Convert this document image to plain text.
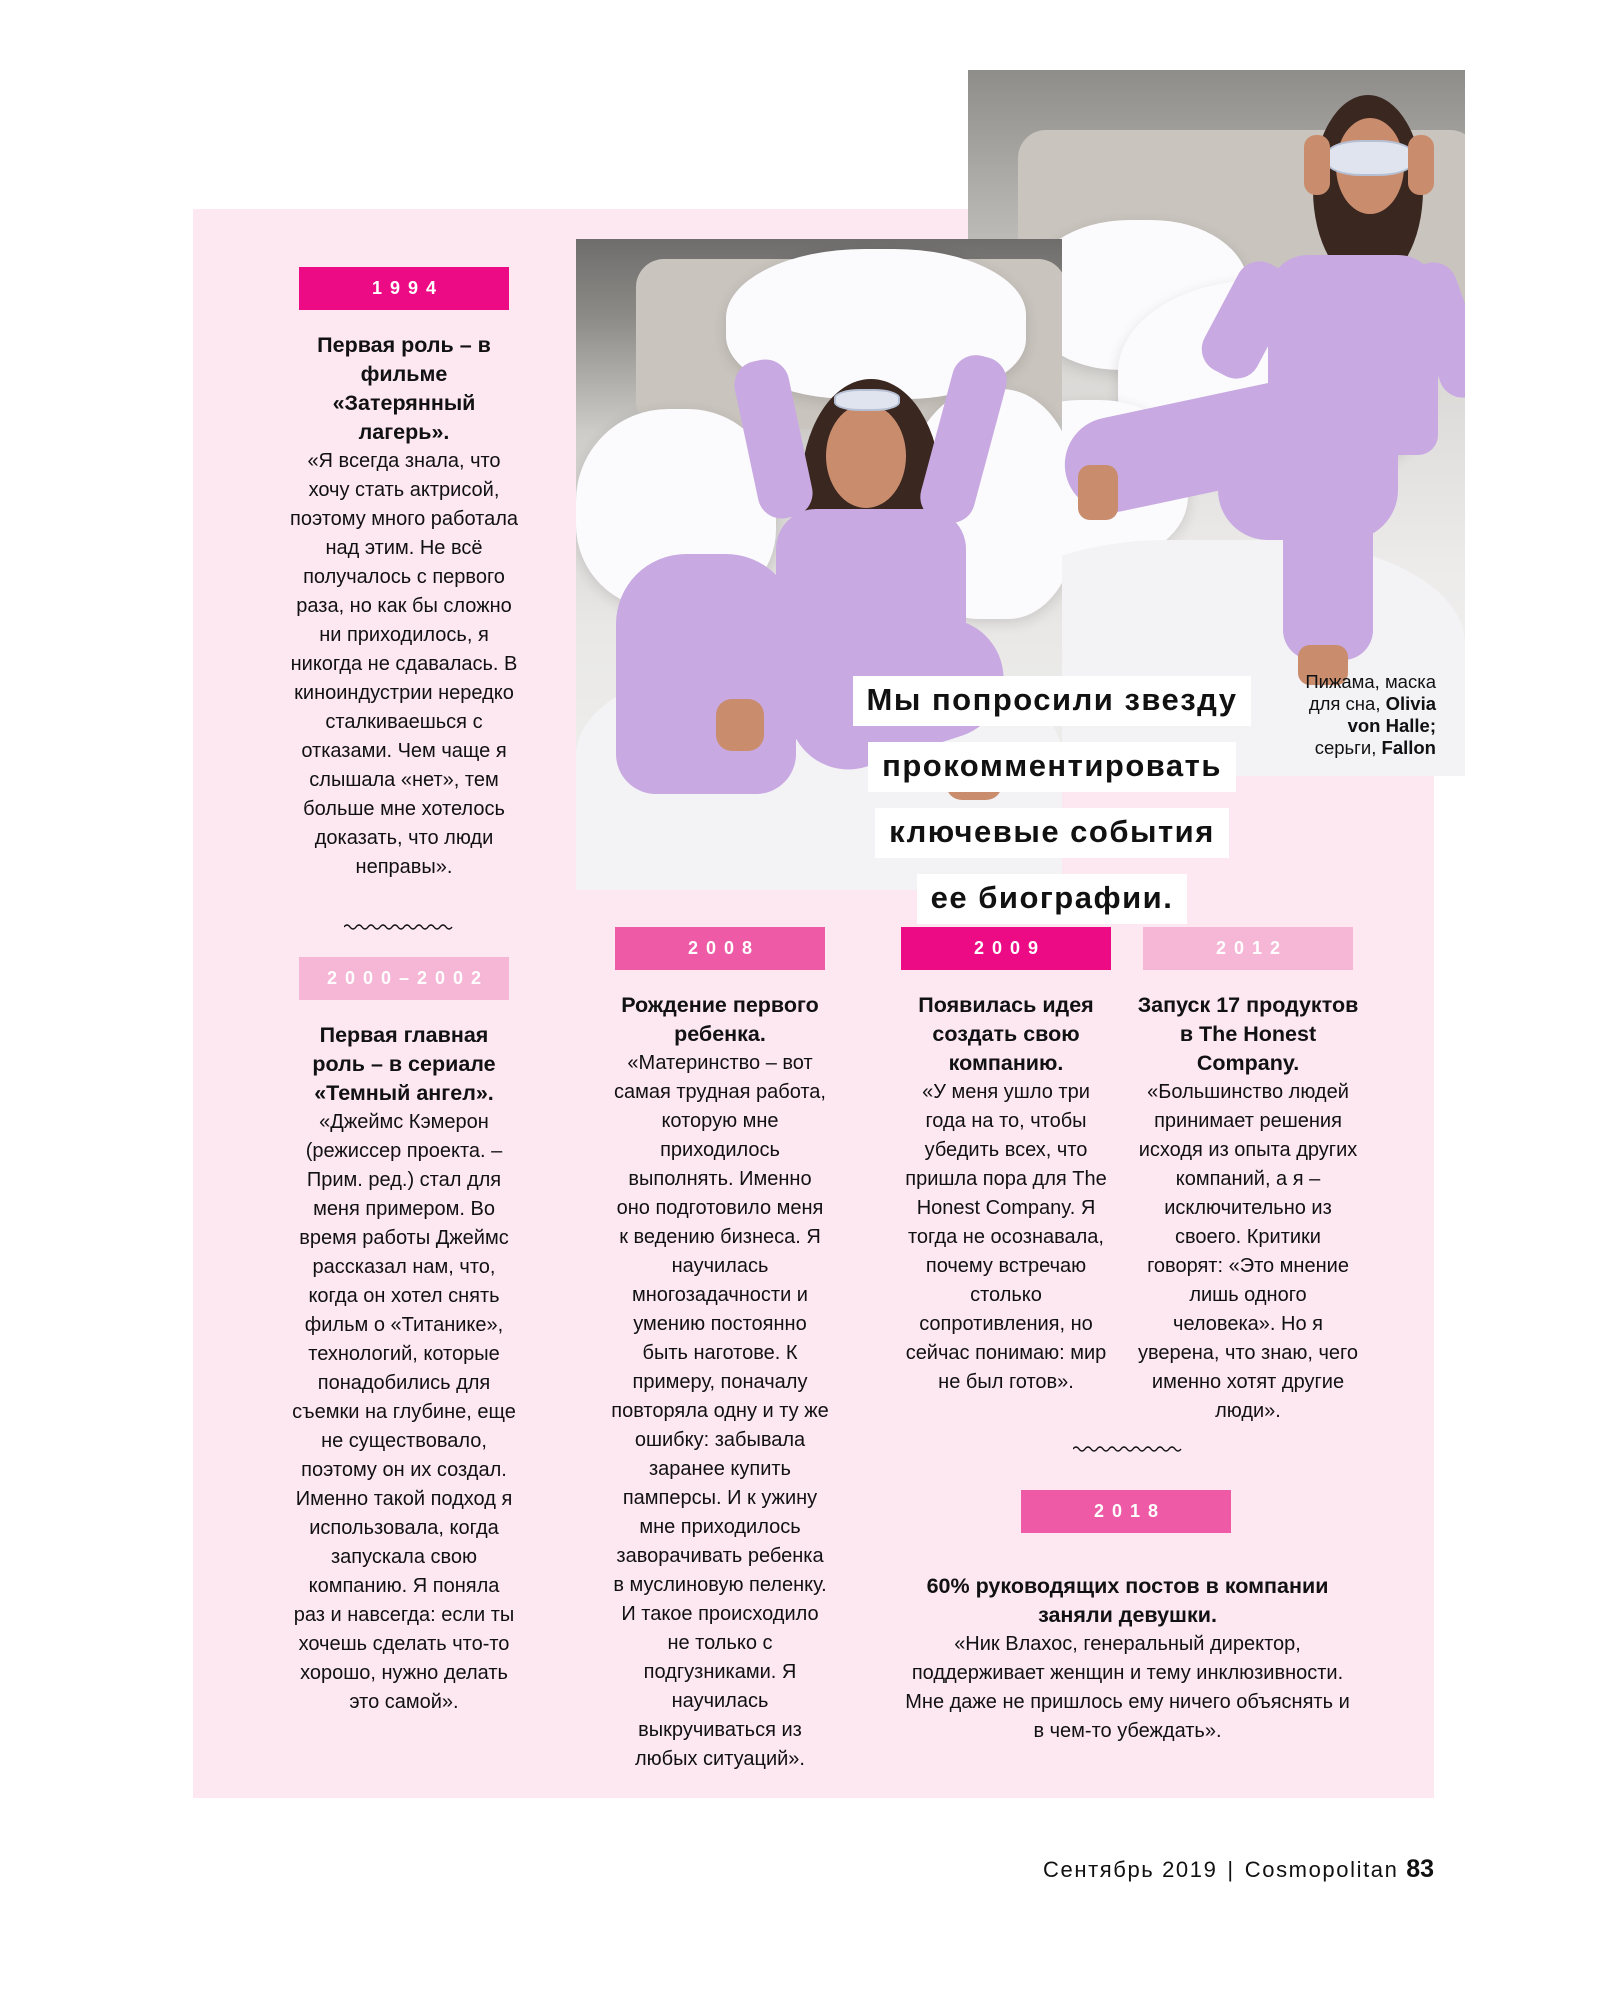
Пижама, маска
для сна, Olivia
von Halle;
серьги, Fallon
Мы попросили звезду
прокомментировать
ключевые события
ее биографии.
1994
Первая роль – в фильме «Затерянный лагерь».
«Я всегда знала, что хочу стать актрисой, поэтому много работала над этим. Не всё получалось с первого раза, но как бы сложно ни приходилось, я никогда не сдавалась. В киноиндустрии нередко сталкиваешься с отказами. Чем чаще я слышала «нет», тем больше мне хотелось доказать, что люди неправы».
2000–2002
Первая главная роль – в сериале «Темный ангел».
«Джеймс Кэмерон (режиссер проекта. – Прим. ред.) стал для меня примером. Во время работы Джеймс рассказал нам, что, когда он хотел снять фильм о «Титанике», технологий, которые понадобились для съемки на глубине, еще не существовало, поэтому он их создал. Именно такой подход я использовала, когда запускала свою компанию. Я поняла раз и навсегда: если ты хочешь сделать что-то хорошо, нужно делать это самой».
2008
Рождение первого ребенка.
«Материнство – вот самая трудная работа, которую мне приходилось выполнять. Именно оно подготовило меня к ведению бизнеса. Я научилась многозадачности и умению постоянно быть наготове. К примеру, поначалу повторяла одну и ту же ошибку: забывала заранее купить памперсы. И к ужину мне приходилось заворачивать ребенка в муслиновую пеленку. И такое происходило не только с подгузниками. Я научилась выкручиваться из любых ситуаций».
2009
Появилась идея создать свою компанию.
«У меня ушло три года на то, чтобы убедить всех, что пришла пора для The Honest Company. Я тогда не осознавала, почему встречаю столько сопротивления, но сейчас понимаю: мир не был готов».
2012
Запуск 17 продуктов в The Honest Company.
«Большинство людей принимает решения исходя из опыта других компаний, а я – исключительно из своего. Критики говорят: «Это мнение лишь одного человека». Но я уверена, что знаю, чего именно хотят другие люди».
2018
60% руководящих постов в компании заняли девушки.
«Ник Влахос, генеральный директор, поддерживает женщин и тему инклюзивности. Мне даже не пришлось ему ничего объяснять и в чем-то убеждать».
Сентябрь 2019 | Cosmopolitan 83
